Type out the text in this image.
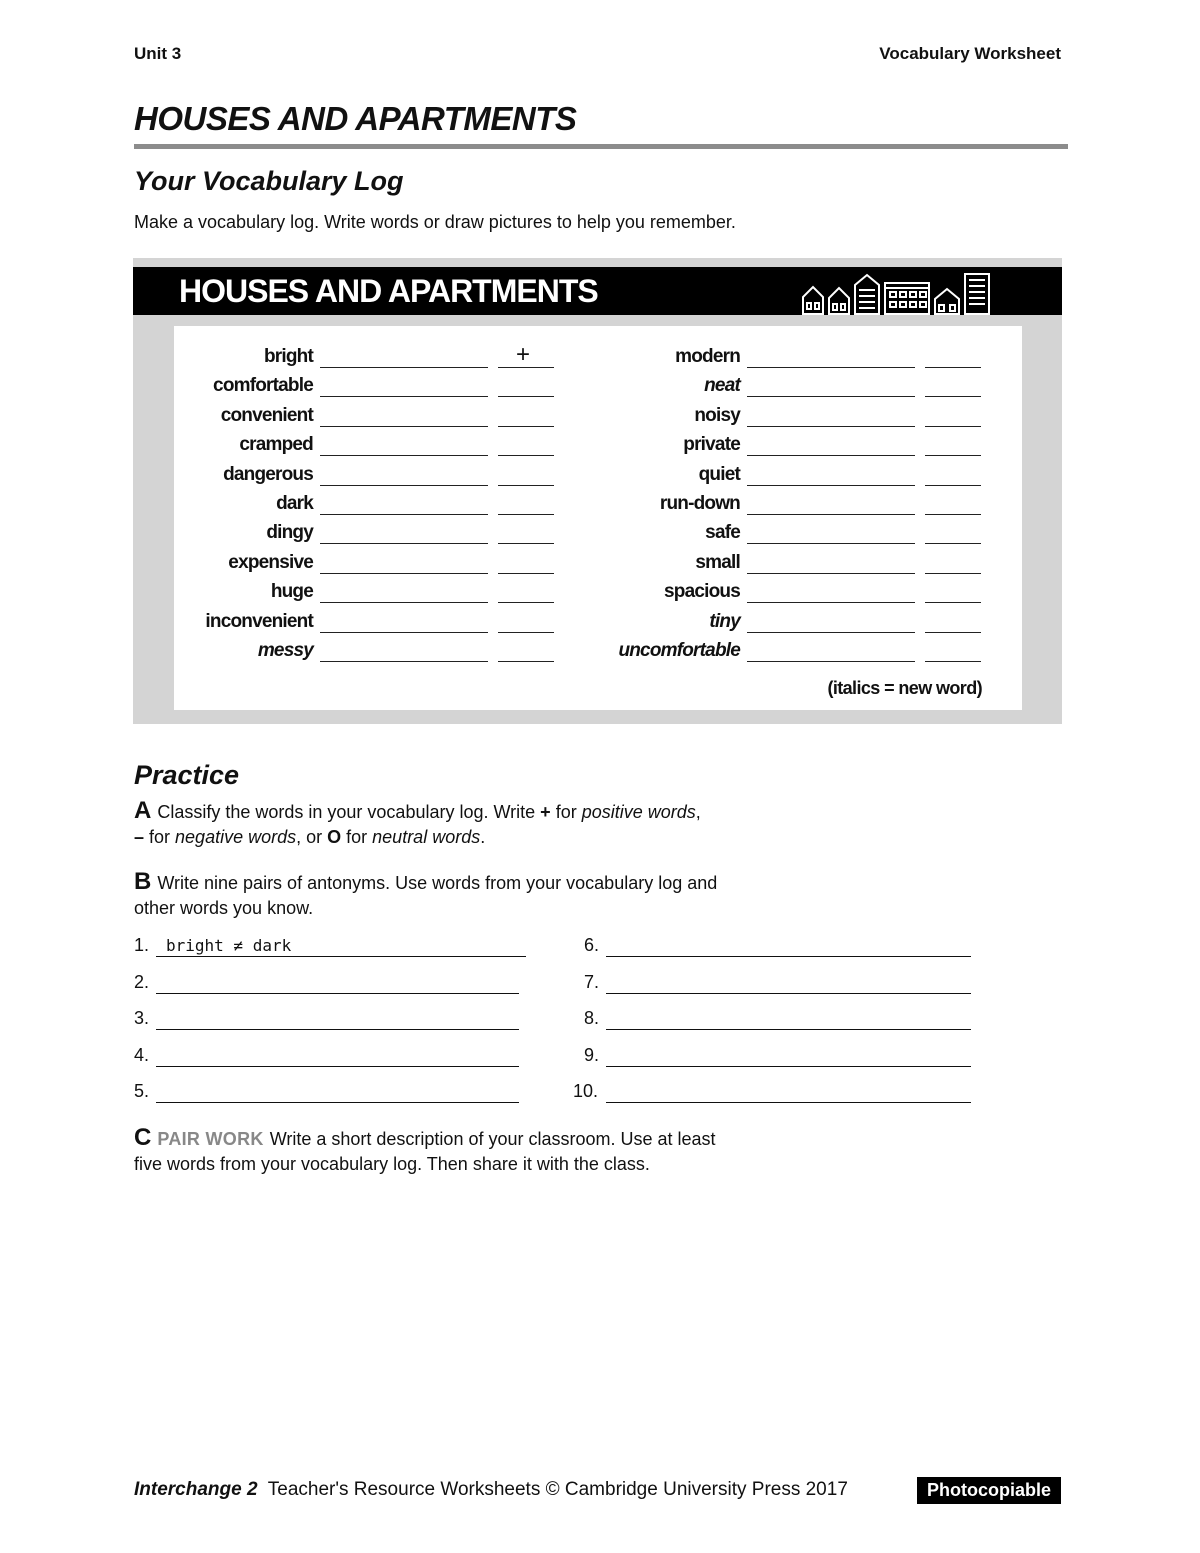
Unit 3	Vocabulary Worksheet
HOUSES AND APARTMENTS
Your Vocabulary Log
Make a vocabulary log. Write words or draw pictures to help you remember.
HOUSES AND APARTMENTS
bright
comfortable
convenient
cramped
dangerous
dark
dingy
expensive
huge
inconvenient
messy
modern
neat
noisy
private
quiet
run-down
safe
small
spacious
tiny
uncomfortable
+
(italics = new word)
Practice
A Classify the words in your vocabulary log. Write + for positive words,
– for negative words, or O for neutral words.
B Write nine pairs of antonyms. Use words from your vocabulary log and
other words you know.
1. bright ≠ dark
2.
3.
4.
5.
6.
7.
8.
9.
10.
C PAIR WORK Write a short description of your classroom. Use at least
five words from your vocabulary log. Then share it with the class.
Interchange 2 Teacher's Resource Worksheets © Cambridge University Press 2017	Photocopiable
